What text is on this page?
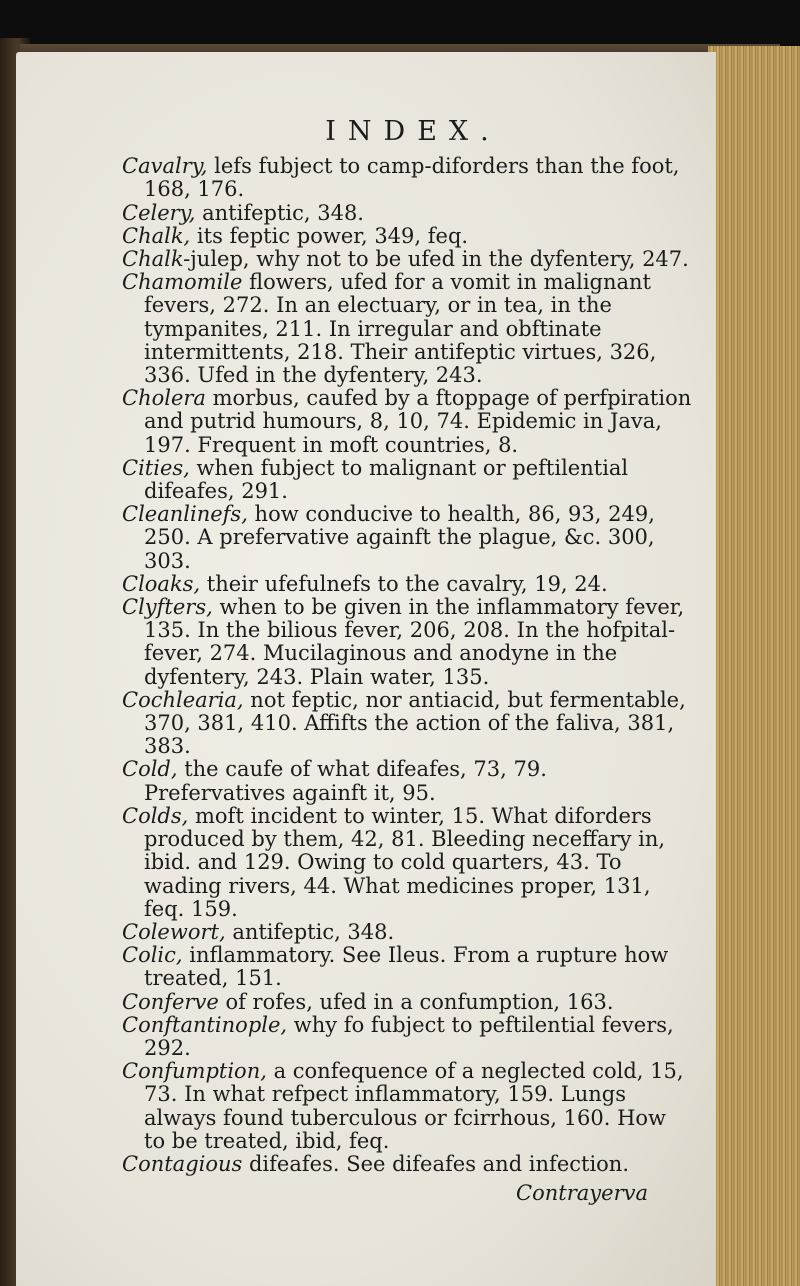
INDEX.

Cavalry, lefs fubject to camp-diforders than the foot, 168, 176.

Celery, antifeptic, 348.

Chalk, its feptic power, 349, feq.

Chalk-julep, why not to be ufed in the dyfentery, 247.

Chamomile flowers, ufed for a vomit in malignant fevers, 272. In an electuary, or in tea, in the tympanites, 211. In irregular and obftinate intermittents, 218. Their antifeptic virtues, 326, 336. Ufed in the dyfentery, 243.

Cholera morbus, caufed by a ftoppage of perfpiration and putrid humours, 8, 10, 74. Epidemic in Java, 197. Frequent in moft countries, 8.

Cities, when fubject to malignant or peftilential difeafes, 291.

Cleanlinefs, how conducive to health, 86, 93, 249, 250. A prefervative againft the plague, &c. 300, 303.

Cloaks, their ufefulnefs to the cavalry, 19, 24.

Clyfters, when to be given in the inflammatory fever, 135. In the bilious fever, 206, 208. In the hofpital-fever, 274. Mucilaginous and anodyne in the dyfentery, 243. Plain water, 135.

Cochlearia, not feptic, nor antiacid, but fermentable, 370, 381, 410. Affifts the action of the faliva, 381, 383.

Cold, the caufe of what difeafes, 73, 79. Prefervatives againft it, 95.

Colds, moft incident to winter, 15. What diforders produced by them, 42, 81. Bleeding neceffary in, ibid. and 129. Owing to cold quarters, 43. To wading rivers, 44. What medicines proper, 131, feq. 159.

Colewort, antifeptic, 348.

Colic, inflammatory. See Ileus. From a rupture how treated, 151.

Conferve of rofes, ufed in a confumption, 163.

Conftantinople, why fo fubject to peftilential fevers, 292.

Confumption, a confequence of a neglected cold, 15, 73. In what refpect inflammatory, 159. Lungs always found tuberculous or fcirrhous, 160. How to be treated, ibid, feq.

Contagious difeafes. See difeafes and infection.

Contrayerva
